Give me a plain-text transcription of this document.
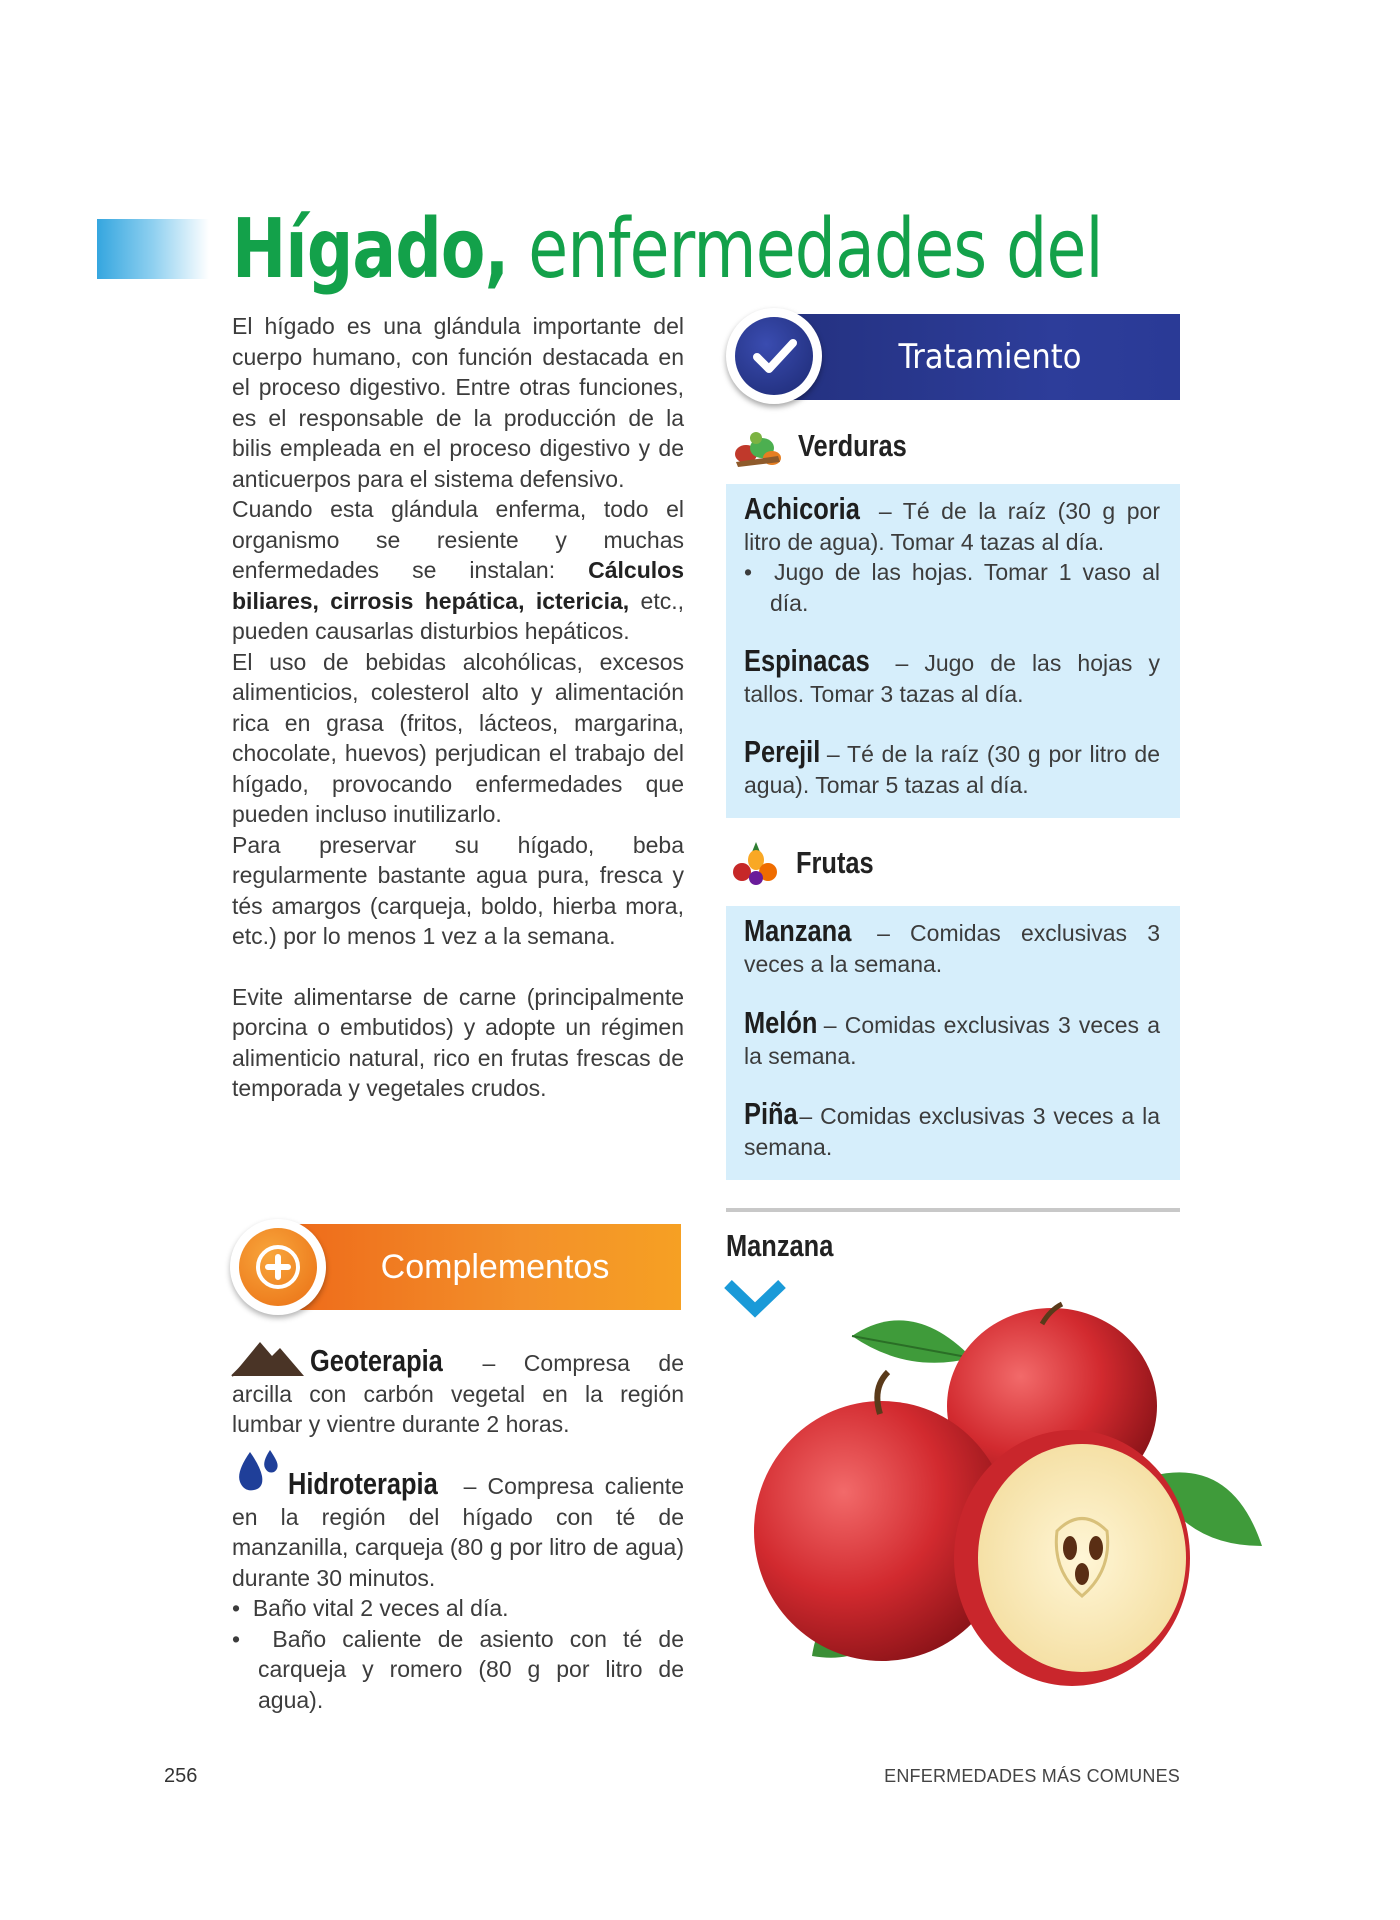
Hígado, enfermedades del

El hígado es una glándula importante del cuerpo humano, con función destacada en el proceso digestivo. Entre otras funciones, es el responsable de la producción de la bilis empleada en el proceso digestivo y de anticuerpos para el sistema defensivo.

Cuando esta glándula enferma, todo el organismo se resiente y muchas enfermedades se instalan: Cálculos biliares, cirrosis hepática, ictericia, etc., pueden causarlas disturbios hepáticos.

El uso de bebidas alcohólicas, excesos alimenticios, colesterol alto y alimentación rica en grasa (fritos, lácteos, margarina, chocolate, huevos) perjudican el trabajo del hígado, provocando enfermedades que pueden incluso inutilizarlo.

Para preservar su hígado, beba regularmente bastante agua pura, fresca y tés amargos (carqueja, boldo, hierba mora, etc.) por lo menos 1 vez a la semana.

Evite alimentarse de carne (principalmente porcina o embutidos) y adopte un régimen alimenticio natural, rico en frutas frescas de temporada y vegetales crudos.

Tratamiento
Verduras
Achicoria – Té de la raíz (30 g por litro de agua). Tomar 4 tazas al día.
•  Jugo de las hojas. Tomar 1 vaso al día.
Espinacas – Jugo de las hojas y tallos. Tomar 3 tazas al día.
Perejil – Té de la raíz (30 g por litro de agua). Tomar 5 tazas al día.
Frutas
Manzana – Comidas exclusivas 3 veces a la semana.
Melón – Comidas exclusivas 3 veces a la semana.
Piña – Comidas exclusivas 3 veces a la semana.
Manzana
Complementos
Geoterapia – Compresa de arcilla con carbón vegetal en la región lumbar y vientre durante 2 horas.
Hidroterapia – Compresa caliente en la región del hígado con té de manzanilla, carqueja (80 g por litro de agua) durante 30 minutos.
•  Baño vital 2 veces al día.
•  Baño caliente de asiento con té de carqueja y romero (80 g por litro de agua).
256	ENFERMEDADES MÁS COMUNES
